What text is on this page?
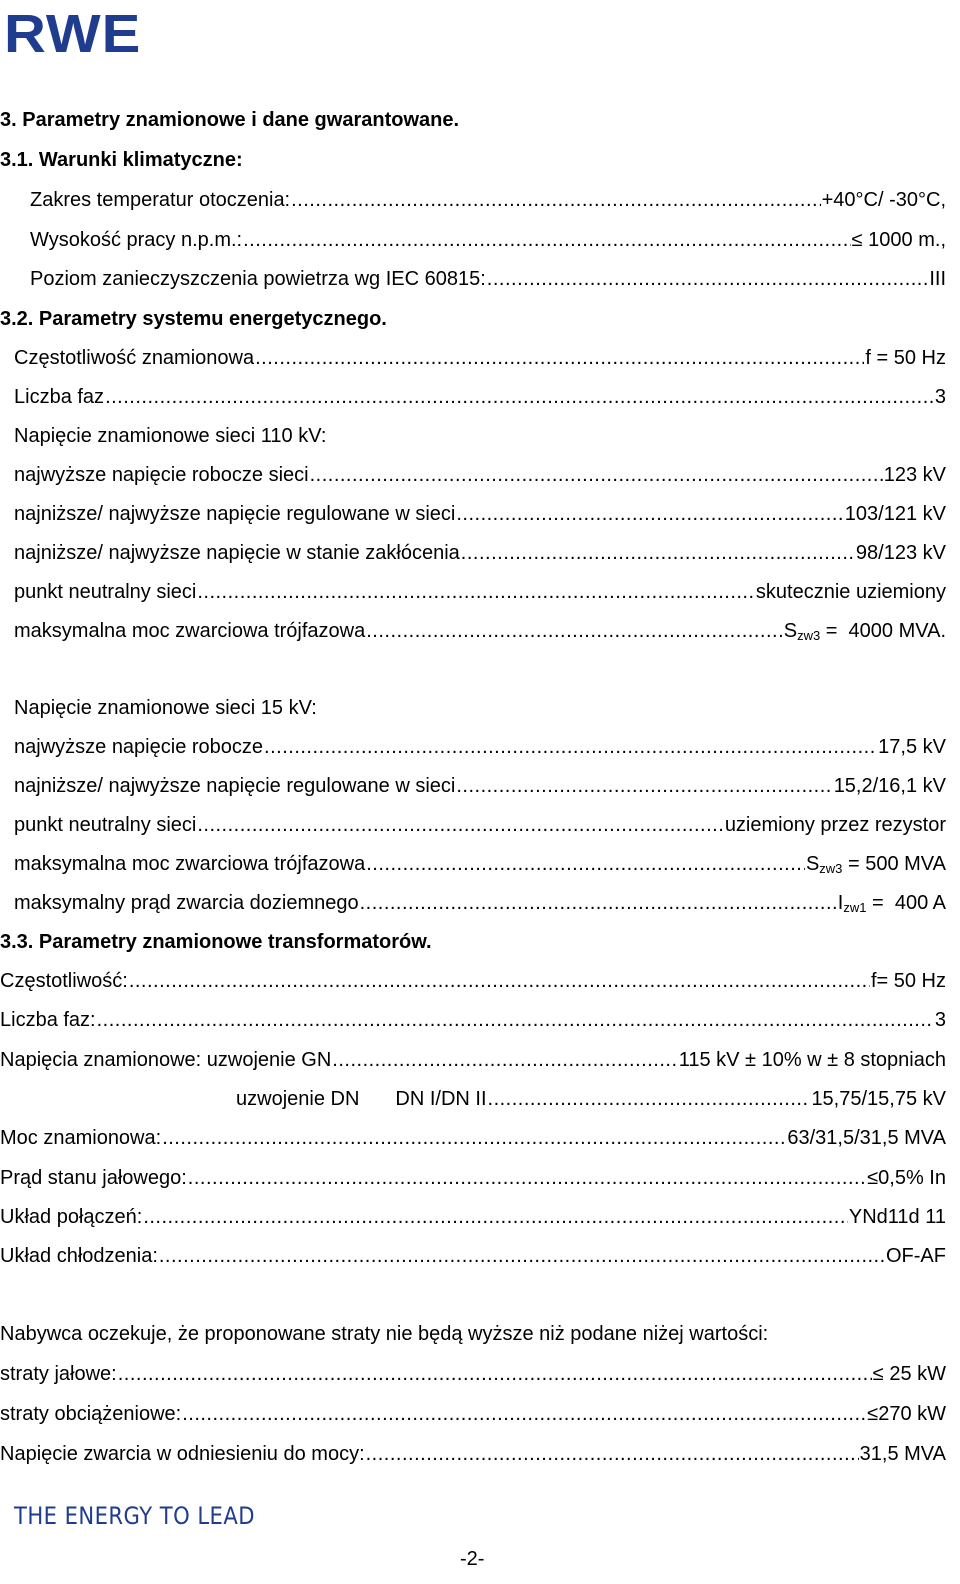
RWE
3. Parametry znamionowe i dane gwarantowane.
3.1. Warunki klimatyczne:
Zakres temperatur otoczenia: .....	+40°C/ -30°C,
Wysokość pracy n.p.m.: .....	≤ 1000 m.,
Poziom zanieczyszczenia powietrza wg IEC 60815: .....	III
3.2. Parametry systemu energetycznego.
Częstotliwość znamionowa .....	f = 50 Hz
Liczba faz .....	3
Napięcie znamionowe sieci 110 kV:
najwyższe napięcie robocze sieci .....	123 kV
najniższe/ najwyższe napięcie regulowane w sieci .....	103/121 kV
najniższe/ najwyższe napięcie w stanie zakłócenia .....	98/123 kV
punkt neutralny sieci .....	skutecznie uziemiony
maksymalna moc zwarciowa trójfazowa .....	$S_{zw3} = 4000$ MVA.
Napięcie znamionowe sieci 15 kV:
najwyższe napięcie robocze .....	17,5 kV
najniższe/ najwyższe napięcie regulowane w sieci .....	15,2/16,1 kV
punkt neutralny sieci .....	uziemiony przez rezystor
maksymalna moc zwarciowa trójfazowa .....	$S_{zw3} = 500$ MVA
maksymalny prąd zwarcia doziemnego .....	$I_{zw1} = 400$ A
3.3. Parametry znamionowe transformatorów.
Częstotliwość: .....	f= 50 Hz
Liczba faz: .....	3
Napięcia znamionowe: uzwojenie GN .....	115 kV ± 10% w ± 8 stopniach
uzwojenie DN DN I/DN II .....	15,75/15,75 kV
Moc znamionowa: .....	63/31,5/31,5 MVA
Prąd stanu jałowego: .....	≤0,5% In
Układ połączeń: .....	YNd11d 11
Układ chłodzenia: .....	OF-AF
Nabywca oczekuje, że proponowane straty nie będą wyższe niż podane niżej wartości:
straty jałowe: .....	≤ 25 kW
straty obciążeniowe: .....	≤270 kW
Napięcie zwarcia w odniesieniu do mocy: .....	31,5 MVA
THE ENERGY TO LEAD
-2-
